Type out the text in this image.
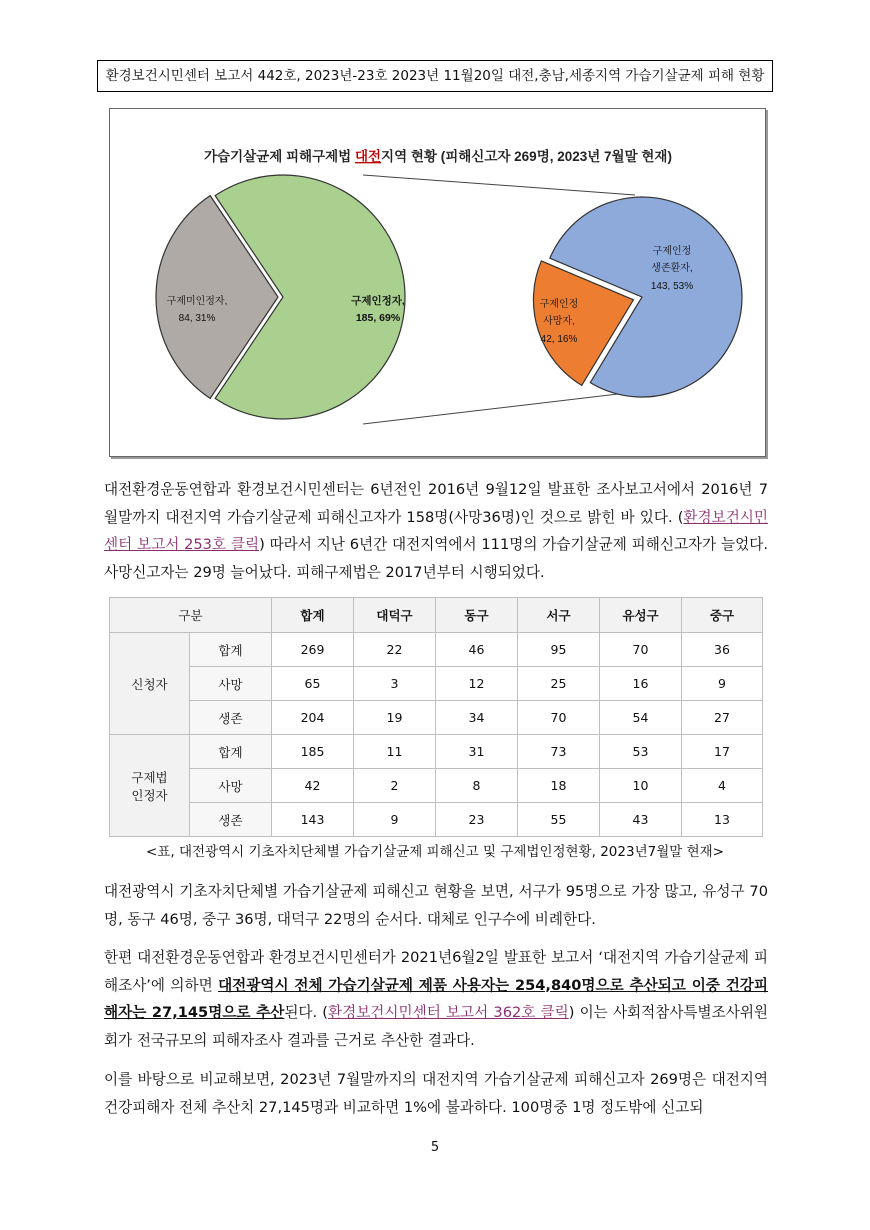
환경보건시민센터 보고서 442호, 2023년-23호 2023년 11월20일 대전,충남,세종지역 가습기살균제 피해 현황
가습기살균제 피해구제법 대전지역 현황 (피해신고자 269명, 2023년 7월말 현재)
구제인정자,
185, 69%
구제미인정자,
84, 31%
구제인정
생존환자,
143, 53%
구제인정
사망자,
42, 16%
대전환경운동연합과 환경보건시민센터는 6년전인 2016년 9월12일 발표한 조사보고서에서 2016년 7월말까지 대전지역 가습기살균제 피해신고자가 158명(사망36명)인 것으로 밝힌 바 있다. (환경보건시민센터 보고서 253호 클릭) 따라서 지난 6년간 대전지역에서 111명의 가습기살균제 피해신고자가 늘었다. 사망신고자는 29명 늘어났다. 피해구제법은 2017년부터 시행되었다.
구분		합계	대덕구	동구	서구	유성구	중구
신청자	합계	269	22	46	95	70	36
	사망	65	3	12	25	16	9
	생존	204	19	34	70	54	27
구제법
인정자	합계	185	11	31	73	53	17
	사망	42	2	8	18	10	4
	생존	143	9	23	55	43	13
<표, 대전광역시 기초자치단체별 가습기살균제 피해신고 및 구제법인정현황, 2023년7월말 현재>
대전광역시 기초자치단체별 가습기살균제 피해신고 현황을 보면, 서구가 95명으로 가장 많고, 유성구 70명, 동구 46명, 중구 36명, 대덕구 22명의 순서다. 대체로 인구수에 비례한다.
한편 대전환경운동연합과 환경보건시민센터가 2021년6월2일 발표한 보고서 ‘대전지역 가습기살균제 피해조사’에 의하면 대전광역시 전체 가습기살균제 제품 사용자는 254,840명으로 추산되고 이중 건강피해자는 27,145명으로 추산된다. (환경보건시민센터 보고서 362호 클릭) 이는 사회적참사특별조사위원회가 전국규모의 피해자조사 결과를 근거로 추산한 결과다.
이를 바탕으로 비교해보면, 2023년 7월말까지의 대전지역 가습기살균제 피해신고자 269명은 대전지역 건강피해자 전체 추산치 27,145명과 비교하면 1%에 불과하다. 100명중 1명 정도밖에 신고되
5
